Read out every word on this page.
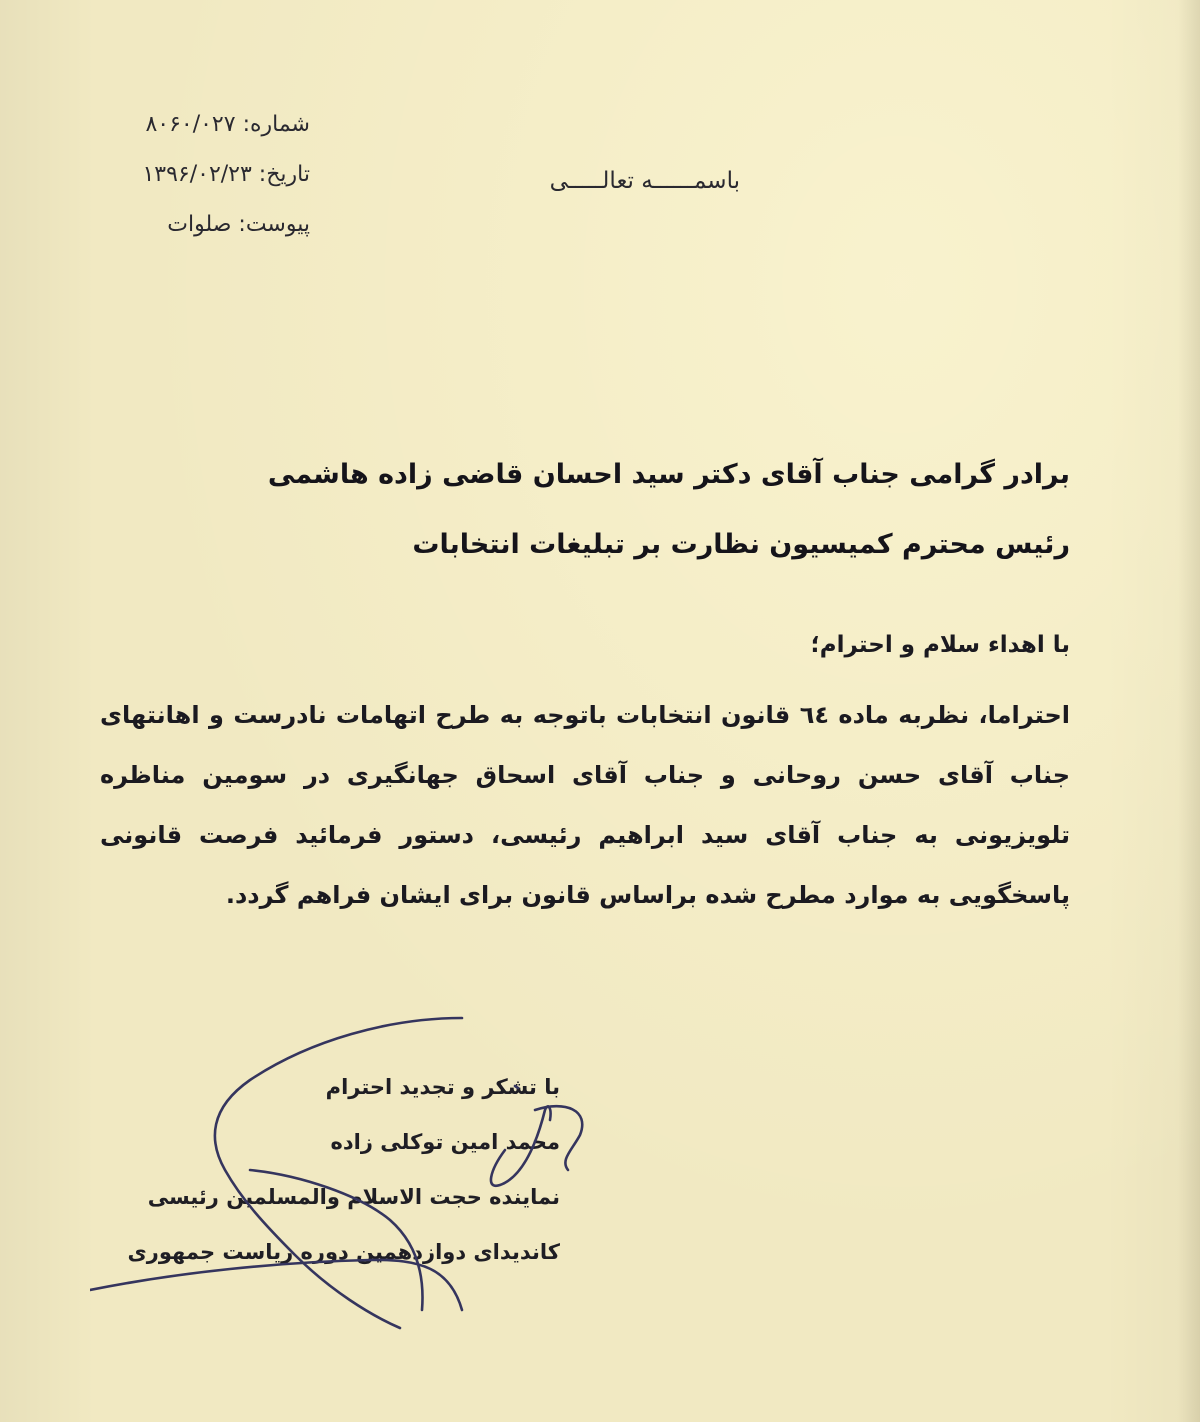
شماره: ۸۰۶۰/۰۲۷
تاریخ: ۱۳۹۶/۰۲/۲۳
پیوست: صلوات
باسمــــــه تعالـــــی
برادر گرامی جناب آقای دکتر سید احسان قاضی زاده هاشمی
رئیس محترم کمیسیون نظارت بر تبلیغات انتخابات
با اهداء سلام و احترام؛
احتراما، نظربه ماده ٦٤ قانون انتخابات باتوجه به طرح اتهامات نادرست و اهانتهای
جناب آقای حسن روحانی و جناب آقای اسحاق جهانگیری در سومین مناظره
تلویزیونی به جناب آقای سید ابراهیم رئیسی، دستور فرمائید فرصت قانونی
پاسخگویی به موارد مطرح شده براساس قانون برای ایشان فراهم گردد.
با تشکر و تجدید احترام
محمد امین توکلی زاده
نماینده حجت الاسلام والمسلمین رئیسی
کاندیدای دوازدهمین دوره ریاست جمهوری
